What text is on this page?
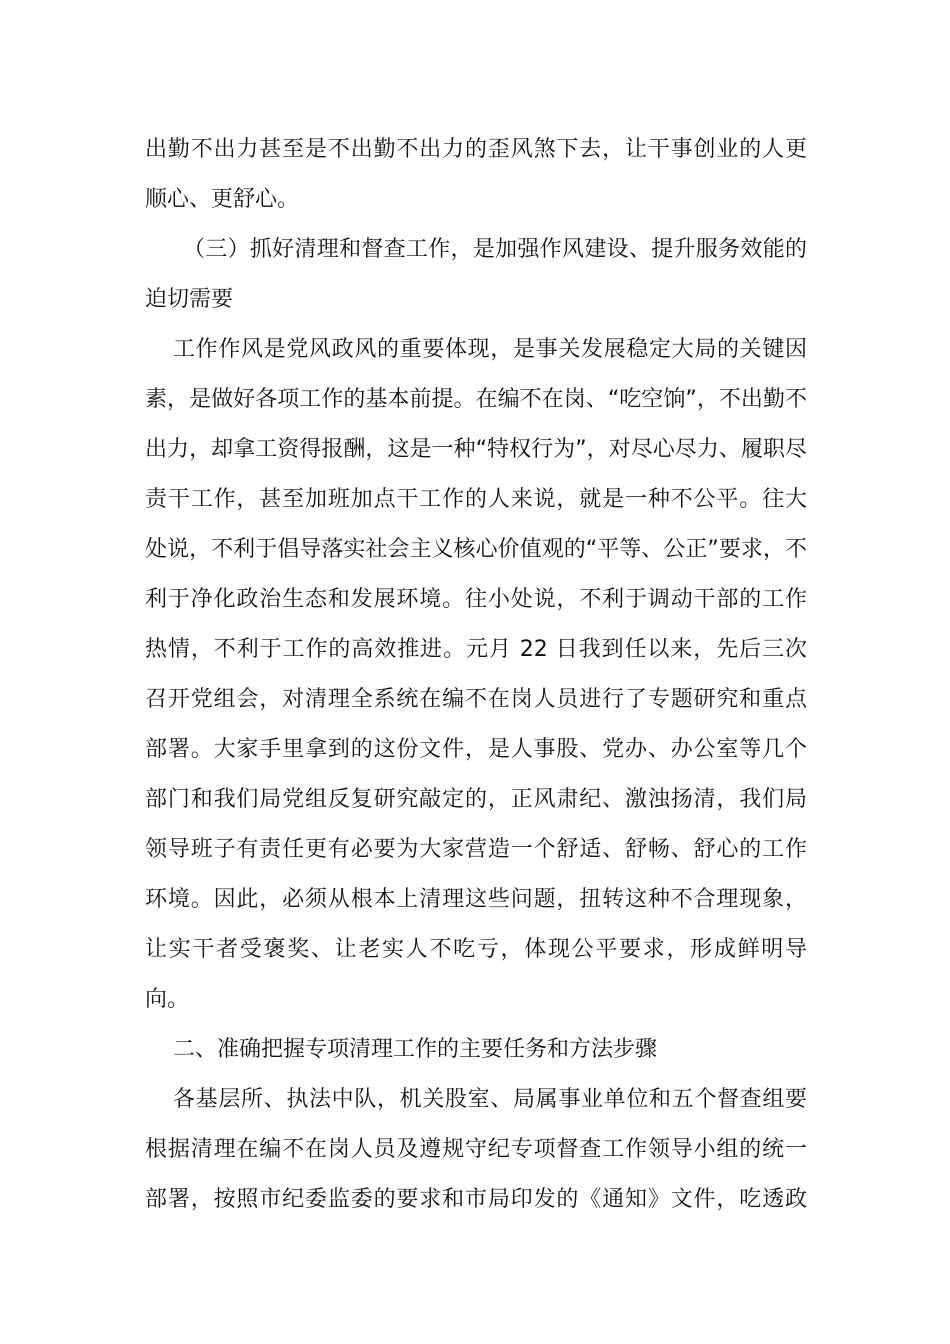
出勤不出力甚至是不出勤不出力的歪风煞下去，让干事创业的人更
顺心、更舒心。
（三）抓好清理和督查工作，是加强作风建设、提升服务效能的
迫切需要
工作作风是党风政风的重要体现，是事关发展稳定大局的关键因
素，是做好各项工作的基本前提。在编不在岗、“吃空饷”，不出勤不
出力，却拿工资得报酬，这是一种“特权行为”，对尽心尽力、履职尽
责干工作，甚至加班加点干工作的人来说，就是一种不公平。往大
处说，不利于倡导落实社会主义核心价值观的“平等、公正”要求，不
利于净化政治生态和发展环境。往小处说，不利于调动干部的工作
热情，不利于工作的高效推进。元月 22 日我到任以来，先后三次
召开党组会，对清理全系统在编不在岗人员进行了专题研究和重点
部署。大家手里拿到的这份文件，是人事股、党办、办公室等几个
部门和我们局党组反复研究敲定的，正风肃纪、激浊扬清，我们局
领导班子有责任更有必要为大家营造一个舒适、舒畅、舒心的工作
环境。因此，必须从根本上清理这些问题，扭转这种不合理现象，
让实干者受褒奖、让老实人不吃亏，体现公平要求，形成鲜明导
向。
二、准确把握专项清理工作的主要任务和方法步骤
各基层所、执法中队，机关股室、局属事业单位和五个督查组要
根据清理在编不在岗人员及遵规守纪专项督查工作领导小组的统一
部署，按照市纪委监委的要求和市局印发的《通知》文件，吃透政
